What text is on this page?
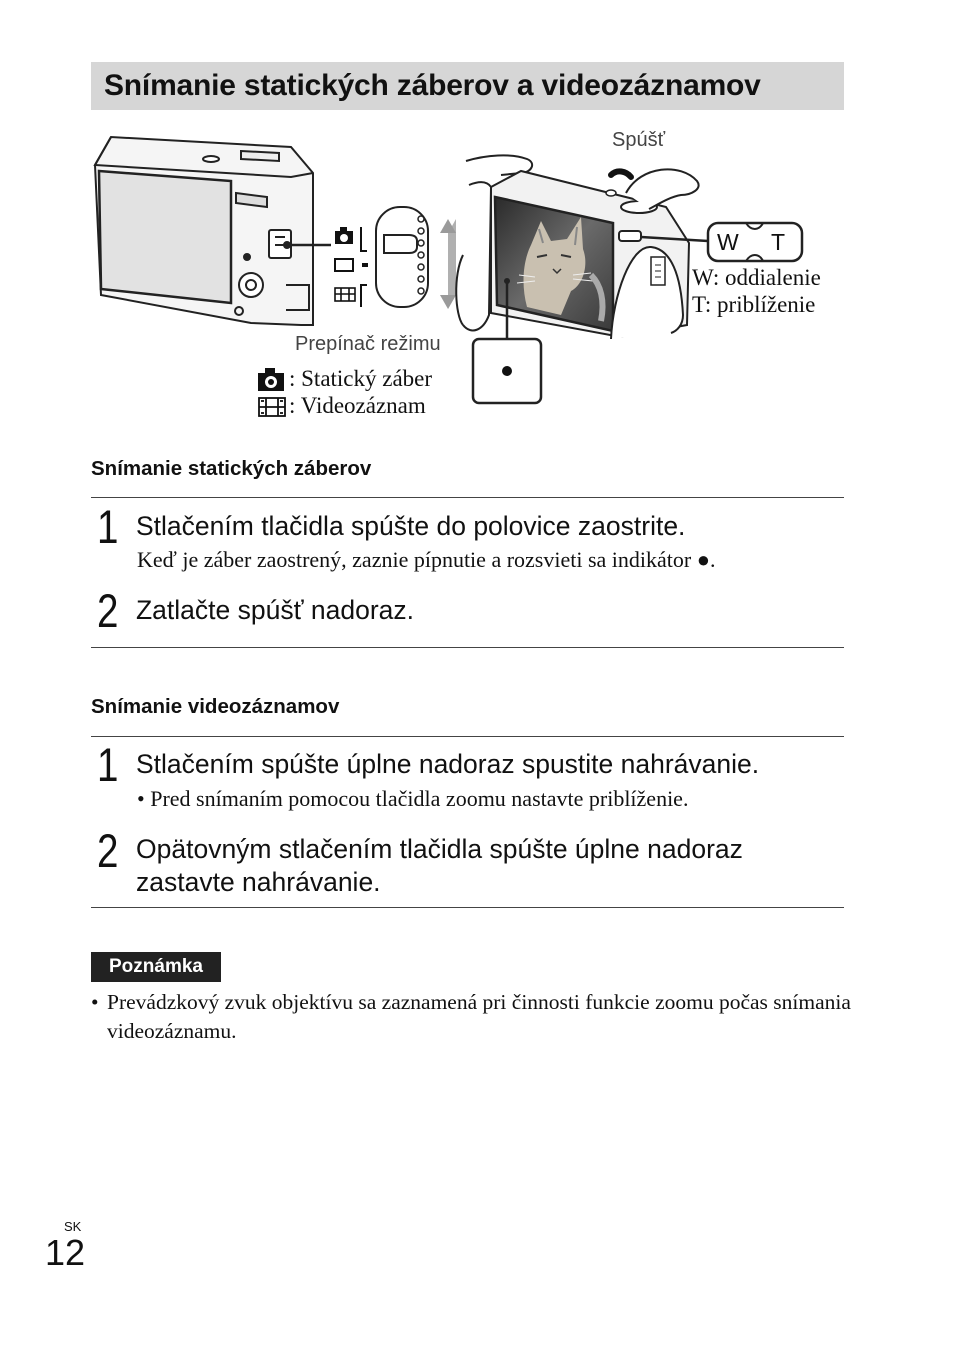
Snímanie statických záberov a videozáznamov
Spúšť
W T
W: oddialenie
T: priblíženie
Prepínač režimu
: Statický záber
: Videozáznam
Snímanie statických záberov
1 Stlačením tlačidla spúšte do polovice zaostrite.
Keď je záber zaostrený, zaznie pípnutie a rozsvieti sa indikátor ●.
2 Zatlačte spúšť nadoraz.
Snímanie videozáznamov
1 Stlačením spúšte úplne nadoraz spustite nahrávanie.
• Pred snímaním pomocou tlačidla zoomu nastavte priblíženie.
2 Opätovným stlačením tlačidla spúšte úplne nadoraz zastavte nahrávanie.
Poznámka
• Prevádzkový zvuk objektívu sa zaznamená pri činnosti funkcie zoomu počas snímania videozáznamu.
SK
12
